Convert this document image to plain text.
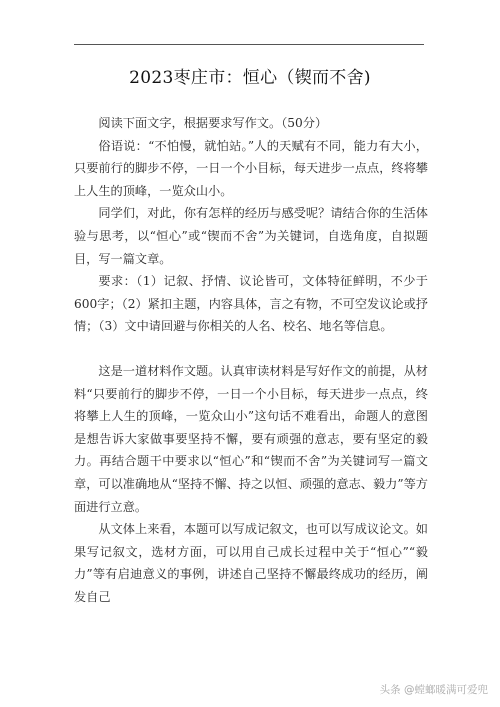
2023枣庄市：恒心（锲而不舍)

阅读下面文字，根据要求写作文。（50分）

俗语说：“不怕慢，就怕站。”人的天赋有不同，能力有大小，只要前行的脚步不停，一日一个小目标，每天进步一点点，终将攀上人生的顶峰，一览众山小。

同学们，对此，你有怎样的经历与感受呢？请结合你的生活体验与思考，以“恒心”或“锲而不舍”为关键词，自选角度，自拟题目，写一篇文章。

要求：（1）记叙、抒情、议论皆可，文体特征鲜明，不少于600字；（2）紧扣主题，内容具体，言之有物，不可空发议论或抒情；（3）文中请回避与你相关的人名、校名、地名等信息。

这是一道材料作文题。认真审读材料是写好作文的前提，从材料“只要前行的脚步不停，一日一个小目标，每天进步一点点，终将攀上人生的顶峰，一览众山小”这句话不难看出，命题人的意图是想告诉大家做事要坚持不懈，要有顽强的意志，要有坚定的毅力。再结合题干中要求以“恒心”和“锲而不舍”为关键词写一篇文章，可以准确地从“坚持不懈、持之以恒、顽强的意志、毅力”等方面进行立意。

从文体上来看，本题可以写成记叙文，也可以写成议论文。如果写记叙文，选材方面，可以用自己成长过程中关于“恒心”“毅力”等有启迪意义的事例，讲述自己坚持不懈最终成功的经历，阐发自己

头条 @螳螂暖满可爱兜
